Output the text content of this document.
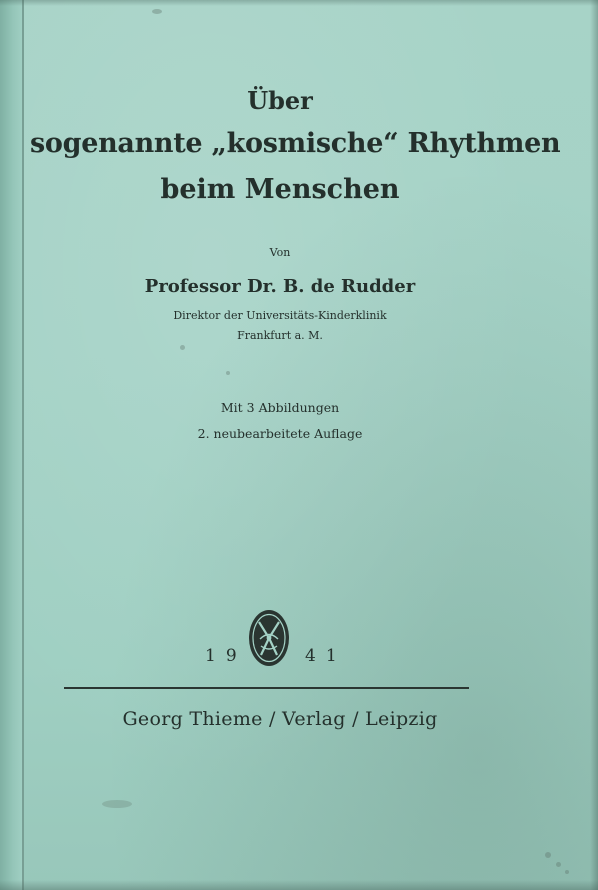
Über

sogenannte „kosmische“ Rhythmen

beim Menschen

Von

Professor Dr. B. de Rudder

Direktor der Universitäts-Kinderklinik

Frankfurt a. M.

Mit 3 Abbildungen

2. neubearbeitete Auflage

19	41

Georg Thieme / Verlag / Leipzig
